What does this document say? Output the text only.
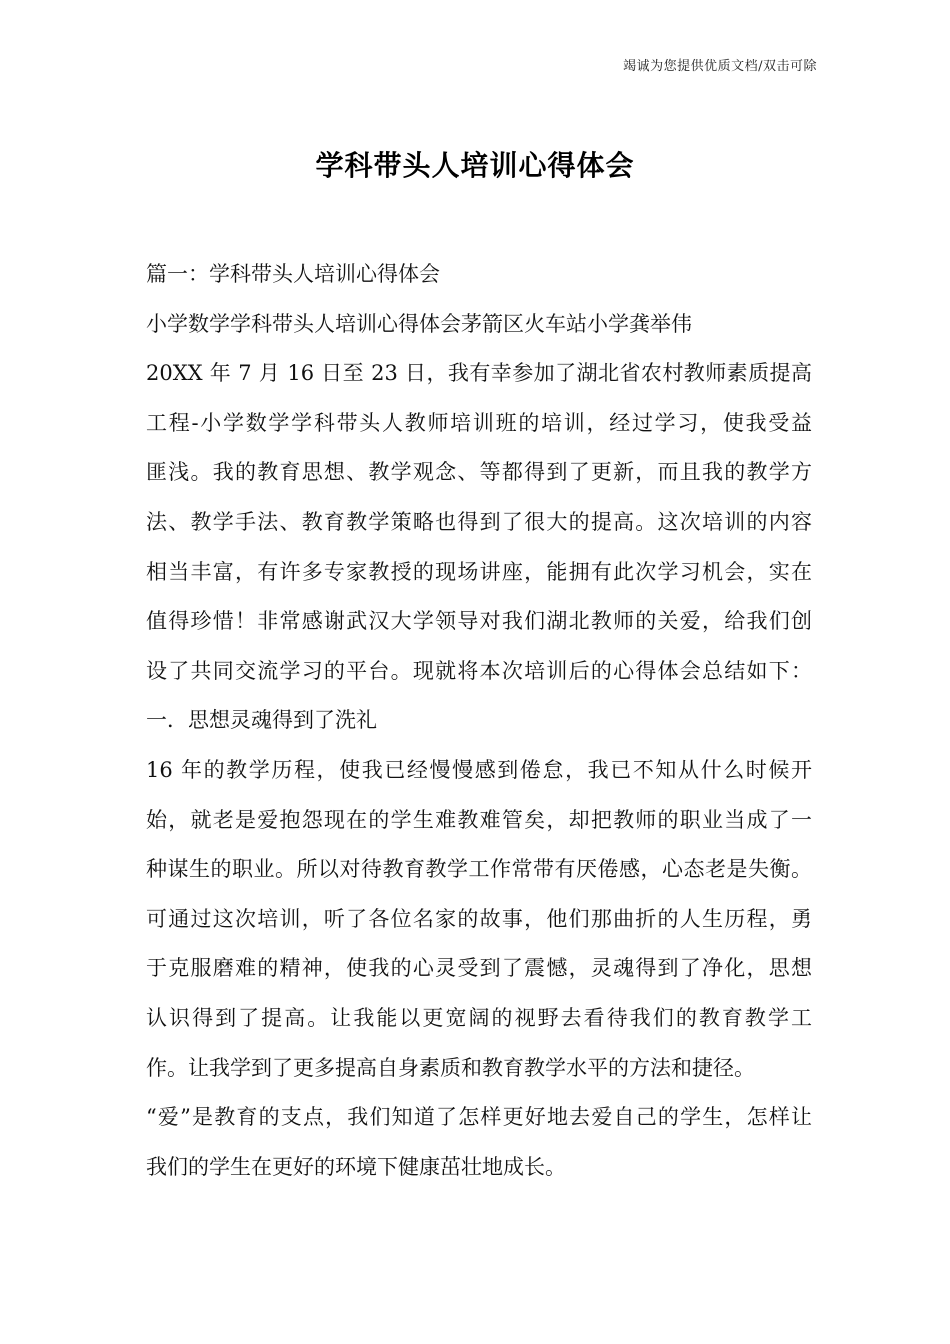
竭诚为您提供优质文档/双击可除
学科带头人培训心得体会
篇一：学科带头人培训心得体会
小学数学学科带头人培训心得体会茅箭区火车站小学龚举伟
20XX 年 7 月 16 日至 23 日，我有幸参加了湖北省农村教师素质提高
工程-小学数学学科带头人教师培训班的培训，经过学习，使我受益
匪浅。我的教育思想、教学观念、等都得到了更新，而且我的教学方
法、教学手法、教育教学策略也得到了很大的提高。这次培训的内容
相当丰富，有许多专家教授的现场讲座，能拥有此次学习机会，实在
值得珍惜！非常感谢武汉大学领导对我们湖北教师的关爱，给我们创
设了共同交流学习的平台。现就将本次培训后的心得体会总结如下：
一．思想灵魂得到了洗礼
16 年的教学历程，使我已经慢慢感到倦怠，我已不知从什么时候开
始，就老是爱抱怨现在的学生难教难管矣，却把教师的职业当成了一
种谋生的职业。所以对待教育教学工作常带有厌倦感，心态老是失衡。
可通过这次培训，听了各位名家的故事，他们那曲折的人生历程，勇
于克服磨难的精神，使我的心灵受到了震憾，灵魂得到了净化，思想
认识得到了提高。让我能以更宽阔的视野去看待我们的教育教学工
作。让我学到了更多提高自身素质和教育教学水平的方法和捷径。
“爱”是教育的支点，我们知道了怎样更好地去爱自己的学生，怎样让
我们的学生在更好的环境下健康茁壮地成长。
